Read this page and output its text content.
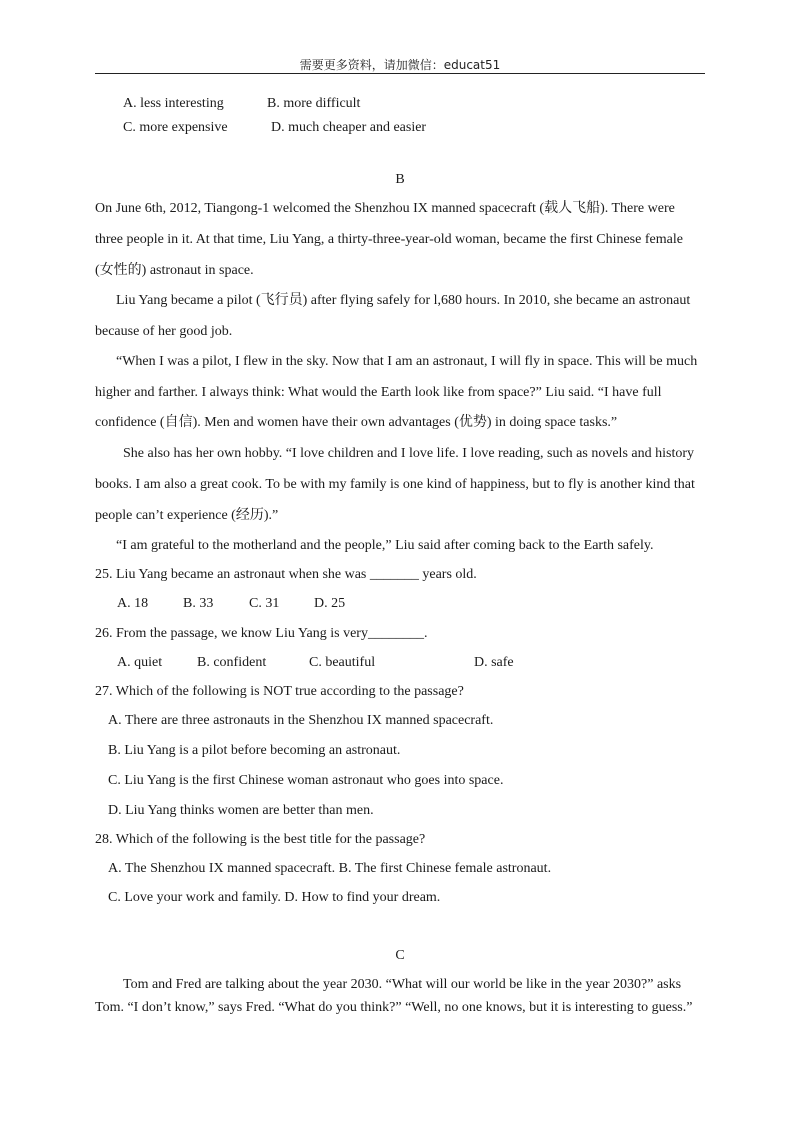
需要更多资料，请加微信：educat51
A. less interesting	B. more difficult
C. more expensive	D. much cheaper and easier
B
On June 6th, 2012, Tiangong-1 welcomed the Shenzhou IX manned spacecraft (载人飞船). There were
three people in it. At that time, Liu Yang, a thirty-three-year-old woman, became the first Chinese female
(女性的) astronaut in space.
Liu Yang became a pilot (飞行员) after flying safely for l,680 hours. In 2010, she became an astronaut
because of her good job.
“When I was a pilot, I flew in the sky. Now that I am an astronaut, I will fly in space. This will be much
higher and farther. I always think: What would the Earth look like from space?” Liu said. “I have full
confidence (自信). Men and women have their own advantages (优势) in doing space tasks.”
She also has her own hobby. “I love children and I love life. I love reading, such as novels and history
books. I am also a great cook. To be with my family is one kind of happiness, but to fly is another kind that
people can’t experience (经历).”
“I am grateful to the motherland and the people,” Liu said after coming back to the Earth safely.
25. Liu Yang became an astronaut when she was _______ years old.
A. 18 B. 33	C. 31 D. 25
26. From the passage, we know Liu Yang is very________.
A. quiet B. confident	C. beautiful	D. safe
27. Which of the following is NOT true according to the passage?
A. There are three astronauts in the Shenzhou IX manned spacecraft.
B. Liu Yang is a pilot before becoming an astronaut.
C. Liu Yang is the first Chinese woman astronaut who goes into space.
D. Liu Yang thinks women are better than men.
28. Which of the following is the best title for the passage?
A. The Shenzhou IX manned spacecraft. B. The first Chinese female astronaut.
C. Love your work and family. D. How to find your dream.
C
Tom and Fred are talking about the year 2030. “What will our world be like in the year 2030?” asks
Tom. “I don’t know,” says Fred. “What do you think?” “Well, no one knows, but it is interesting to guess.”
